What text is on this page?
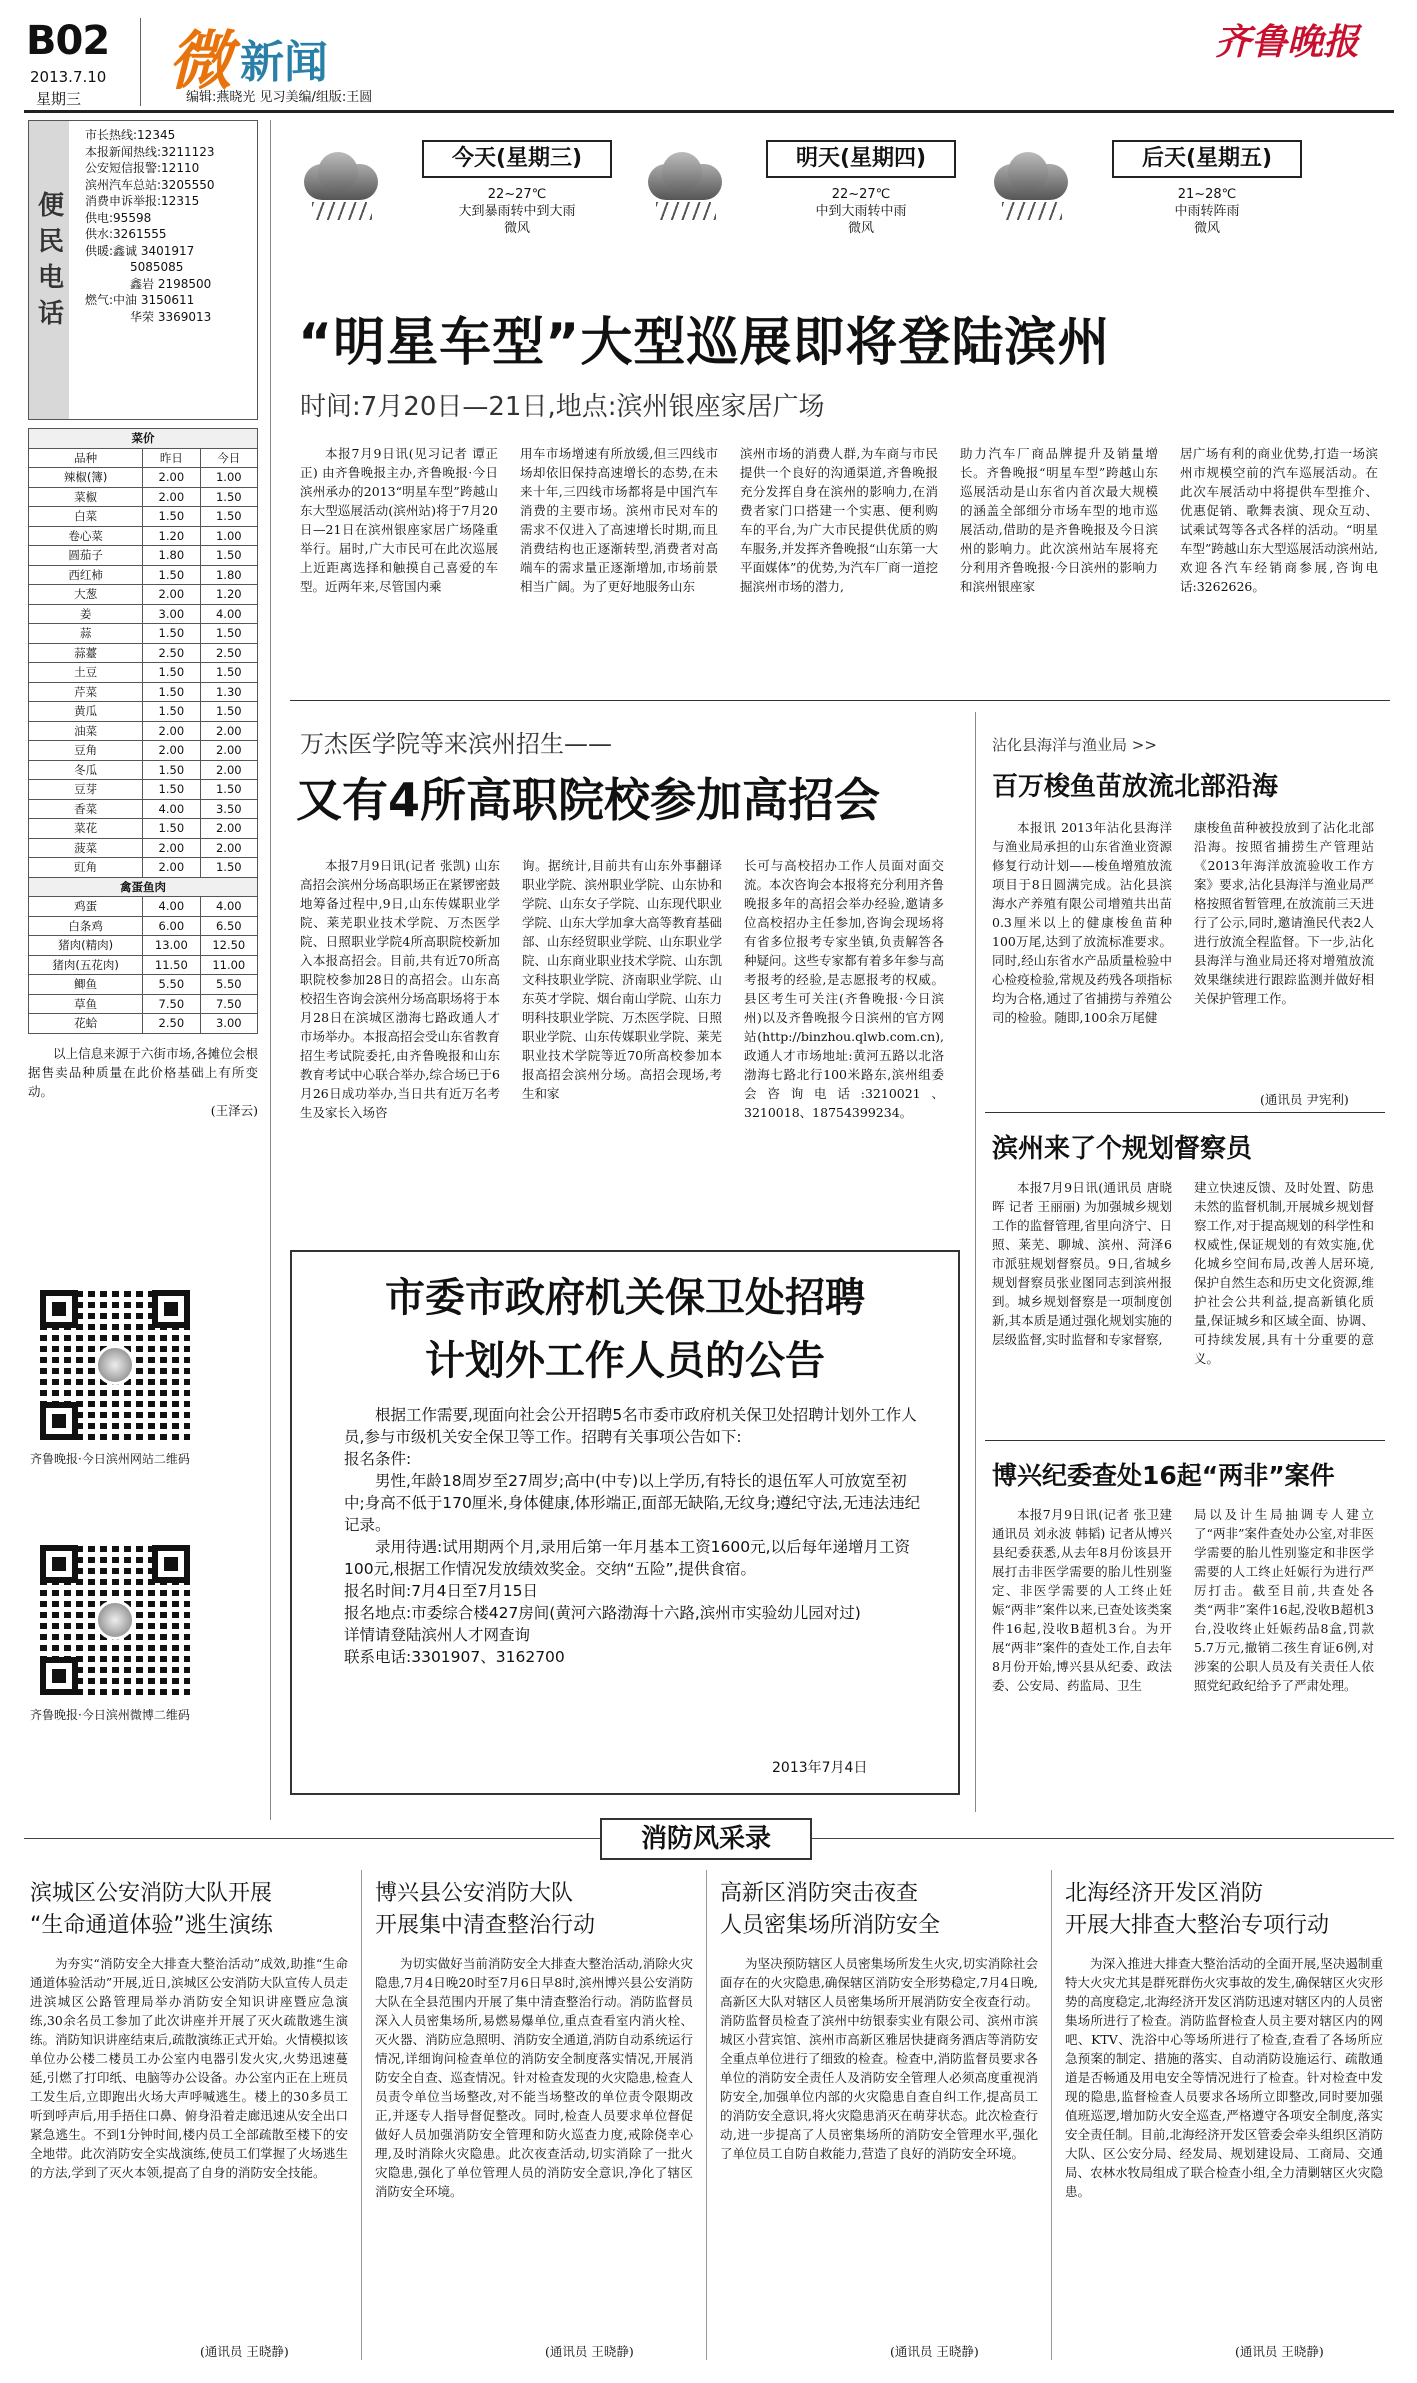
B02
2013.7.10
星期三 微 新闻
编辑:燕晓光 见习美编/组版:王圆
齐鲁晚报
便民电话
市长热线:12345
本报新闻热线:3211123
公安短信报警:12110
滨州汽车总站:3205550
消费申诉举报:12315
供电:95598
供水:3261555
供暖:鑫诚 3401917
5085085
鑫岩 2198500
燃气:中油 3150611
华荣 3369013
菜价		
品种	昨日	今日
辣椒(簿)	2.00	1.00
菜椒	2.00	1.50
白菜	1.50	1.50
卷心菜	1.20	1.00
圆茄子	1.80	1.50
西红柿	1.50	1.80
大葱	2.00	1.20
姜	3.00	4.00
蒜	1.50	1.50
蒜薹	2.50	2.50
土豆	1.50	1.50
芹菜	1.50	1.30
黄瓜	1.50	1.50
油菜	2.00	2.00
豆角	2.00	2.00
冬瓜	1.50	2.00
豆芽	1.50	1.50
香菜	4.00	3.50
菜花	1.50	2.00
菠菜	2.00	2.00
豇角	2.00	1.50
禽蛋鱼肉		
鸡蛋	4.00	4.00
白条鸡	6.00	6.50
猪肉(精肉)	13.00	12.50
猪肉(五花肉)	11.50	11.00
鲫鱼	5.50	5.50
草鱼	7.50	7.50
花蛤	2.50	3.00

以上信息来源于六街市场,各摊位会根据售卖品种质量在此价格基础上有所变动。

(王泽云)
齐鲁晚报·今日滨州网站二维码
齐鲁晚报·今日滨州微博二维码
今天(星期三)
22~27℃
大到暴雨转中到大雨
微风
明天(星期四)
22~27℃
中到大雨转中雨
微风
后天(星期五)
21~28℃
中雨转阵雨
微风
“明星车型”大型巡展即将登陆滨州
时间:7月20日—21日,地点:滨州银座家居广场

本报7月9日讯(见习记者 谭正正) 由齐鲁晚报主办,齐鲁晚报·今日滨州承办的2013“明星车型”跨越山东大型巡展活动(滨州站)将于7月20日—21日在滨州银座家居广场隆重举行。届时,广大市民可在此次巡展上近距离选择和触摸自己喜爱的车型。近两年来,尽管国内乘

用车市场增速有所放缓,但三四线市场却依旧保持高速增长的态势,在未来十年,三四线市场都将是中国汽车消费的主要市场。滨州市民对车的需求不仅进入了高速增长时期,而且消费结构也正逐渐转型,消费者对高端车的需求量正逐渐增加,市场前景相当广阔。为了更好地服务山东

滨州市场的消费人群,为车商与市民提供一个良好的沟通渠道,齐鲁晚报充分发挥自身在滨州的影响力,在消费者家门口搭建一个实惠、便利购车的平台,为广大市民提供优质的购车服务,并发挥齐鲁晚报“山东第一大平面媒体”的优势,为汽车厂商一道挖掘滨州市场的潜力,

助力汽车厂商品牌提升及销量增长。齐鲁晚报“明星车型”跨越山东巡展活动是山东省内首次最大规模的涵盖全部细分市场车型的地市巡展活动,借助的是齐鲁晚报及今日滨州的影响力。此次滨州站车展将充分利用齐鲁晚报·今日滨州的影响力和滨州银座家

居广场有利的商业优势,打造一场滨州市规模空前的汽车巡展活动。在此次车展活动中将提供车型推介、优惠促销、歌舞表演、现众互动、试乘试驾等各式各样的活动。“明星车型”跨越山东大型巡展活动滨州站,欢迎各汽车经销商参展,咨询电话:3262626。

万杰医学院等来滨州招生——
又有4所高职院校参加高招会

本报7月9日讯(记者 张凯) 山东高招会滨州分场高职场正在紧锣密鼓地筹备过程中,9日,山东传媒职业学院、莱芜职业技术学院、万杰医学院、日照职业学院4所高职院校新加入本报高招会。目前,共有近70所高职院校参加28日的高招会。山东高校招生咨询会滨州分场高职场将于本月28日在滨城区渤海七路政通人才市场举办。本报高招会受山东省教育招生考试院委托,由齐鲁晚报和山东教育考试中心联合举办,综合场已于6月26日成功举办,当日共有近万名考生及家长入场咨

询。据统计,目前共有山东外事翻译职业学院、滨州职业学院、山东协和学院、山东女子学院、山东现代职业学院、山东大学加拿大高等教育基础部、山东经贸职业学院、山东职业学院、山东商业职业技术学院、山东凯文科技职业学院、济南职业学院、山东英才学院、烟台南山学院、山东力明科技职业学院、万杰医学院、日照职业学院、山东传媒职业学院、莱芜职业技术学院等近70所高校参加本报高招会滨州分场。高招会现场,考生和家

长可与高校招办工作人员面对面交流。本次咨询会本报将充分利用齐鲁晚报多年的高招会举办经验,邀请多位高校招办主任参加,咨询会现场将有省多位报考专家坐镇,负责解答各种疑问。这些专家都有着多年参与高考报考的经验,是志愿报考的权威。县区考生可关注(齐鲁晚报·今日滨州)以及齐鲁晚报今日滨州的官方网站(http://binzhou.qlwb.com.cn),政通人才市场地址:黄河五路以北洛渤海七路北行100米路东,滨州组委会咨询电话:3210021、3210018、18754399234。

市委市政府机关保卫处招聘
计划外工作人员的公告
根据工作需要,现面向社会公开招聘5名市委市政府机关保卫处招聘计划外工作人员,参与市级机关安全保卫等工作。招聘有关事项公告如下:
报名条件:
男性,年龄18周岁至27周岁;高中(中专)以上学历,有特长的退伍军人可放宽至初中;身高不低于170厘米,身体健康,体形端正,面部无缺陷,无纹身;遵纪守法,无违法违纪记录。
录用待遇:试用期两个月,录用后第一年月基本工资1600元,以后每年递增月工资100元,根据工作情况发放绩效奖金。交纳“五险”,提供食宿。
报名时间:7月4日至7月15日
报名地点:市委综合楼427房间(黄河六路渤海十六路,滨州市实验幼儿园对过)
详情请登陆滨州人才网查询
联系电话:3301907、3162700
2013年7月4日
沾化县海洋与渔业局 >>
百万梭鱼苗放流北部沿海

本报讯 2013年沾化县海洋与渔业局承担的山东省渔业资源修复行动计划——梭鱼增殖放流项目于8日圆满完成。沾化县滨海水产养殖有限公司增殖共出苗0.3厘米以上的健康梭鱼苗种100万尾,达到了放流标准要求。同时,经山东省水产品质量检验中心检疫检验,常规及药残各项指标均为合格,通过了省捕捞与养殖公司的检验。随即,100余万尾健

康梭鱼苗种被投放到了沾化北部沿海。按照省捕捞生产管理站《2013年海洋放流验收工作方案》要求,沾化县海洋与渔业局严格按照省暂管理,在放流前三天进行了公示,同时,邀请渔民代表2人进行放流全程监督。下一步,沾化县海洋与渔业局还将对增殖放流效果继续进行跟踪监测并做好相关保护管理工作。

(通讯员 尹宪利)
滨州来了个规划督察员

本报7月9日讯(通讯员 唐晓晖 记者 王丽丽) 为加强城乡规划工作的监督管理,省里向济宁、日照、莱芜、聊城、滨州、菏泽6市派驻规划督察员。9日,省城乡规划督察员张业图同志到滨州报到。城乡规划督察是一项制度创新,其本质是通过强化规划实施的层级监督,实时监督和专家督察,

建立快速反馈、及时处置、防患未然的监督机制,开展城乡规划督察工作,对于提高规划的科学性和权威性,保证规划的有效实施,优化城乡空间布局,改善人居环境,保护自然生态和历史文化资源,维护社会公共利益,提高新镇化质量,保证城乡和区域全面、协调、可持续发展,具有十分重要的意义。

博兴纪委查处16起“两非”案件

本报7月9日讯(记者 张卫建 通讯员 刘永波 韩韬) 记者从博兴县纪委获悉,从去年8月份该县开展打击非医学需要的胎儿性别鉴定、非医学需要的人工终止妊娠“两非”案件以来,已查处该类案件16起,没收B超机3台。为开展“两非”案件的查处工作,自去年8月份开始,博兴县从纪委、政法委、公安局、药监局、卫生

局以及计生局抽调专人建立了“两非”案件查处办公室,对非医学需要的胎儿性别鉴定和非医学需要的人工终止妊娠行为进行严厉打击。截至目前,共查处各类“两非”案件16起,没收B超机3台,没收终止妊娠药品8盒,罚款5.7万元,撤销二孩生育证6例,对涉案的公职人员及有关责任人依照党纪政纪给予了严肃处理。

消防风采录
滨城区公安消防大队开展
“生命通道体验”逃生演练

为夯实“消防安全大排查大整治活动”成效,助推“生命通道体验活动”开展,近日,滨城区公安消防大队宣传人员走进滨城区公路管理局举办消防安全知识讲座暨应急演练,30余名员工参加了此次讲座并开展了灭火疏散逃生演练。消防知识讲座结束后,疏散演练正式开始。火情模拟该单位办公楼二楼员工办公室内电器引发火灾,火势迅速蔓延,引燃了打印纸、电脑等办公设备。办公室内正在上班员工发生后,立即跑出火场大声呼喊逃生。楼上的30多员工听到呼声后,用手捂住口鼻、俯身沿着走廊迅速从安全出口紧急逃生。不到1分钟时间,楼内员工全部疏散至楼下的安全地带。此次消防安全实战演练,使员工们掌握了火场逃生的方法,学到了灭火本领,提高了自身的消防安全技能。

(通讯员 王晓静)
博兴县公安消防大队
开展集中清查整治行动

为切实做好当前消防安全大排查大整治活动,消除火灾隐患,7月4日晚20时至7月6日早8时,滨州博兴县公安消防大队在全县范围内开展了集中清查整治行动。消防监督员深入人员密集场所,易燃易爆单位,重点查看室内消火栓、灭火器、消防应急照明、消防安全通道,消防自动系统运行情况,详细询问检查单位的消防安全制度落实情况,开展消防安全自查、巡查情况。针对检查发现的火灾隐患,检查人员责令单位当场整改,对不能当场整改的单位责令限期改正,并逐专人指导督促整改。同时,检查人员要求单位督促做好人员加强消防安全管理和防火巡查力度,戒除侥幸心理,及时消除火灾隐患。此次夜查活动,切实消除了一批火灾隐患,强化了单位管理人员的消防安全意识,净化了辖区消防安全环境。

(通讯员 王晓静)
高新区消防突击夜查
人员密集场所消防安全

为坚决预防辖区人员密集场所发生火灾,切实消除社会面存在的火灾隐患,确保辖区消防安全形势稳定,7月4日晚,高新区大队对辖区人员密集场所开展消防安全夜查行动。消防监督员检查了滨州中纺银泰实业有限公司、滨州市滨城区小营宾馆、滨州市高新区雅居快捷商务酒店等消防安全重点单位进行了细致的检查。检查中,消防监督员要求各单位的消防安全责任人及消防安全管理人必须高度重视消防安全,加强单位内部的火灾隐患自查自纠工作,提高员工的消防安全意识,将火灾隐患消灭在萌芽状态。此次检查行动,进一步提高了人员密集场所的消防安全管理水平,强化了单位员工自防自救能力,营造了良好的消防安全环境。

(通讯员 王晓静)
北海经济开发区消防
开展大排查大整治专项行动

为深入推进大排查大整治活动的全面开展,坚决遏制重特大火灾尤其是群死群伤火灾事故的发生,确保辖区火灾形势的高度稳定,北海经济开发区消防迅速对辖区内的人员密集场所进行了检查。消防监督检查人员主要对辖区内的网吧、KTV、洗浴中心等场所进行了检查,查看了各场所应急预案的制定、措施的落实、自动消防设施运行、疏散通道是否畅通及用电安全等情况进行了检查。针对检查中发现的隐患,监督检查人员要求各场所立即整改,同时要加强值班巡逻,增加防火安全巡查,严格遵守各项安全制度,落实安全责任制。目前,北海经济开发区管委会牵头组织区消防大队、区公安分局、经发局、规划建设局、工商局、交通局、农林水牧局组成了联合检查小组,全力清剿辖区火灾隐患。

(通讯员 王晓静)
